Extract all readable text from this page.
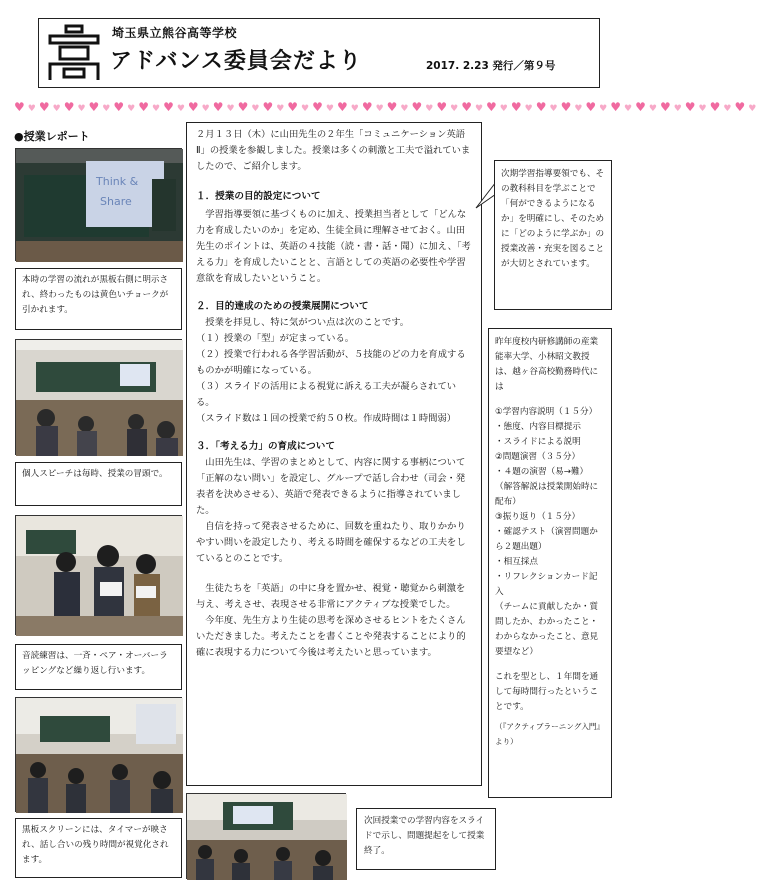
埼玉県立熊谷高等学校
アドバンス委員会だより	2017. 2.23 発行／第９号
♥♥♥♥♥♥♥♥♥♥♥♥♥♥♥♥♥♥♥♥♥♥♥♥♥♥♥♥♥♥♥♥♥♥♥♥♥♥♥♥♥♥♥♥♥♥♥♥♥♥♥♥♥♥♥♥♥♥♥♥
●授業レポート
Think &
Share
本時の学習の流れが黒板右側に明示され、終わったものは黄色いチョークが引かれます。
個人スピーチは毎時、授業の冒頭で。
音読練習は、一斉・ペア・オーバーラッピングなど繰り返し行います。
黒板スクリーンには、タイマーが映され、話し合いの残り時間が視覚化されます。

２月１３日（木）に山田先生の２年生「コミュニケーション英語Ⅱ」の授業を参観しました。授業は多くの刺激と工夫で溢れていましたので、ご紹介します。

１．授業の目的設定について

学習指導要領に基づくものに加え、授業担当者として「どんな力を育成したいのか」を定め、生徒全員に理解させておく。山田先生のポイントは、英語の４技能（読・書・話・聞）に加え、「考える力」を育成したいことと、言語としての英語の必要性や学習意欲を育成したいということ。

２．目的達成のための授業展開について

授業を拝見し、特に気がつい点は次のことです。

（１）授業の「型」が定まっている。

（２）授業で行われる各学習活動が、５技能のどの力を育成するものかが明確になっている。

（３）スライドの活用による視覚に訴える工夫が凝らされている。

（スライド数は１回の授業で約５０枚。作成時間は１時間弱）

３．「考える力」の育成について

山田先生は、学習のまとめとして、内容に関する事柄について「正解のない問い」を設定し、グループで話し合わせ（司会・発表者を決めさせる）、英語で発表できるように指導されていました。

自信を持って発表させるために、回数を重ねたり、取りかかりやすい問いを設定したり、考える時間を確保するなどの工夫をしているとのことです。

生徒たちを「英語」の中に身を置かせ、視覚・聴覚から刺激を与え、考えさせ、表現させる非常にアクティブな授業でした。

今年度、先生方より生徒の思考を深めさせるヒントをたくさんいただきました。考えたことを書くことや発表することにより的確に表現する力について今後は考えたいと思っています。

次期学習指導要領でも、その教科科目を学ぶことで「何ができるようになるか」を明確にし、そのために「どのように学ぶか」の授業改善・充実を図ることが大切とされています。

昨年度校内研修講師の産業能率大学、小林昭文教授は、越ヶ谷高校勤務時代には

①学習内容説明（１５分）

・態度、内容目標提示

・スライドによる説明

②問題演習（３５分）

・４題の演習（易→難）

（解答解説は授業開始時に配布）

③振り返り（１５分）

・確認テスト（演習問題から２題出題）

・相互採点

・リフレクションカード記入

（チームに貢献したか・質問したか、わかったこと・わからなかったこと、意見要望など）

これを型とし、１年間を通して毎時間行ったということです。

（『アクティブラーニング入門』より）

次回授業での学習内容をスライドで示し、問題提起をして授業終了。
